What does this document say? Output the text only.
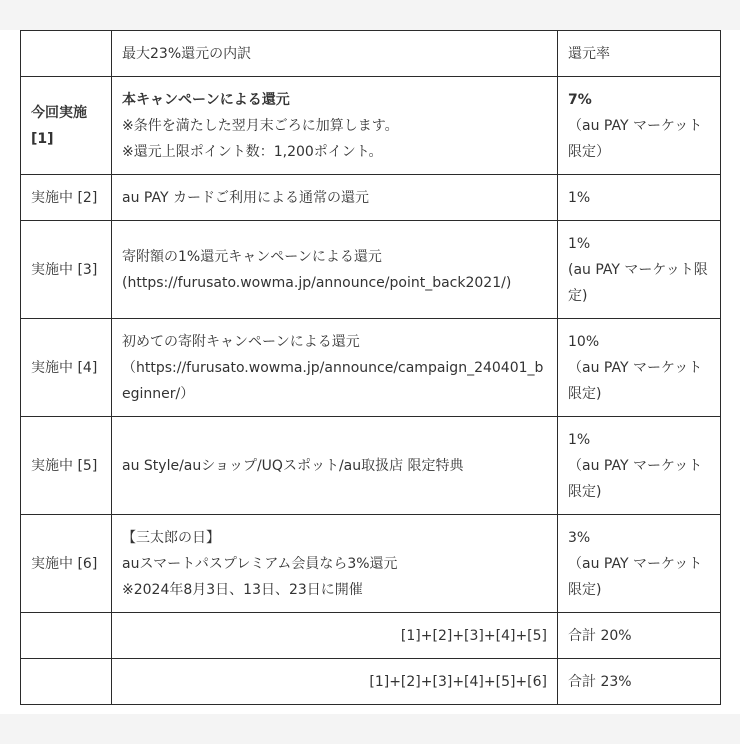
	最大23%還元の内訳	還元率
今回実施 [1]	本キャンペーンによる還元
※条件を満たした翌月末ごろに加算します。
※還元上限ポイント数：1,200ポイント。	7%
（au PAY マーケット限定）
実施中 [2]	au PAY カードご利用による通常の還元	1%

実施中 [3]	寄附額の1%還元キャンペーンによる還元
(https://furusato.wowma.jp/announce/point_back2021/)	1%
(au PAY マーケット限定)
実施中 [4]	初めての寄附キャンペーンによる還元
（https://furusato.wowma.jp/announce/campaign_240401_beginner/）	10%
（au PAY マーケット限定)
実施中 [5]	au Style/auショップ/UQスポット/au取扱店 限定特典	1%
（au PAY マーケット限定)
実施中 [6]	【三太郎の日】
auスマートパスプレミアム会員なら3%還元
※2024年8月3日、13日、23日に開催	3%
（au PAY マーケット限定)
	[1]+[2]+[3]+[4]+[5]	合計 20%
	[1]+[2]+[3]+[4]+[5]+[6]	合計 23%
